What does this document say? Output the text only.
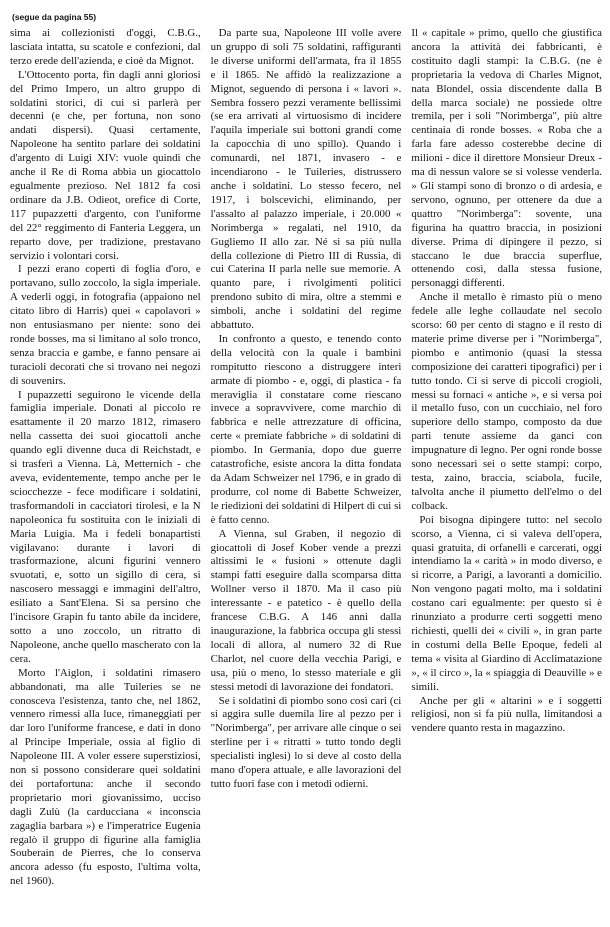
(segue da pagina 55)

sima ai collezionisti d'oggi, C.B.G., lasciata intatta, su scatole e confezioni, dal terzo erede dell'azienda, e cioè da Mignot.

L'Ottocento porta, fin dagli anni gloriosi del Primo Impero, un altro gruppo di soldatini storici, di cui si parlerà per decenni (e che, per fortuna, non sono andati dispersi). Quasi certamente, Napoleone ha sentito parlare dei soldatini d'argento di Luigi XIV: vuole quindi che anche il Re di Roma abbia un giocattolo egualmente prezioso. Nel 1812 fa così ordinare da J.B. Odieot, orefice di Corte, 117 pupazzetti d'argento, con l'uniforme del 22° reggimento di Fanteria Leggera, un reparto dove, per tradizione, prestavano servizio i volontari corsi.

I pezzi erano coperti di foglia d'oro, e portavano, sullo zoccolo, la sigla imperiale. A vederli oggi, in fotografia (appaiono nel citato libro di Harris) quei « capolavori » non entusiasmano per niente: sono dei ronde bosses, ma si limitano al solo tronco, senza braccia e gambe, e fanno pensare ai turacioli decorati che si trovano nei negozi di souvenirs.

I pupazzetti seguirono le vicende della famiglia imperiale. Donati al piccolo re esattamente il 20 marzo 1812, rimasero nella cassetta dei suoi giocattoli anche quando egli divenne duca di Reichstadt, e si trasferì a Vienna. Là, Metternich - che aveva, evidentemente, tempo anche per le sciocchezze - fece modificare i soldatini, trasformandoli in cacciatori tirolesi, e la N napoleonica fu sostituita con le iniziali di Maria Luigia. Ma i fedeli bonapartisti vigilavano: durante i lavori di trasformazione, alcuni figurini vennero svuotati, e, sotto un sigillo di cera, si nascosero messaggi e immagini dell'altro, esiliato a Sant'Elena. Si sa persino che l'incisore Grapin fu tanto abile da incidere, sotto a uno zoccolo, un ritratto di Napoleone, anche quello mascherato con la cera.

Morto l'Aiglon, i soldatini rimasero abbandonati, ma alle Tuileries se ne conosceva l'esistenza, tanto che, nel 1862, vennero rimessi alla luce, rimaneggiati per dar loro l'uniforme francese, e dati in dono al Principe Imperiale, ossia al figlio di Napoleone III. A voler essere superstiziosi, non si possono considerare quei soldatini dei portafortuna: anche il secondo proprietario morì giovanissimo, ucciso dagli Zulù (la carducciana « inconscia zagaglia barbara ») e l'imperatrice Eugenia regalò il gruppo di figurine alla famiglia Souberain de Pierres, che lo conserva ancora adesso (fu esposto, l'ultima volta, nel 1960).

Da parte sua, Napoleone III volle avere un gruppo di soli 75 soldatini, raffiguranti le diverse uniformi dell'armata, fra il 1855 e il 1865. Ne affidò la realizzazione a Mignot, seguendo di persona i « lavori ». Sembra fossero pezzi veramente bellissimi (se era arrivati al virtuosismo di incidere l'aquila imperiale sui bottoni grandi come la capocchia di uno spillo). Quando i comunardi, nel 1871, invasero - e incendiarono - le Tuileries, distrussero anche i soldatini. Lo stesso fecero, nel 1917, i bolscevichi, eliminando, per l'assalto al palazzo imperiale, i 20.000 « Norimberga » regalati, nel 1910, da Gugliemo II allo zar. Né si sa più nulla della collezione di Pietro III di Russia, di cui Caterina II parla nelle sue memorie. A quanto pare, i rivolgimenti politici prendono subito di mira, oltre a stemmi e simboli, anche i soldatini del regime abbattuto.

In confronto a questo, e tenendo conto della velocità con la quale i bambini rompitutto riescono a distruggere interi armate di piombo - e, oggi, di plastica - fa meraviglia il constatare come riescano invece a sopravvivere, come marchio di fabbrica e nelle attrezzature di officina, certe « premiate fabbriche » di soldatini di piombo. In Germania, dopo due guerre catastrofiche, esiste ancora la ditta fondata da Adam Schweizer nel 1796, e in grado di produrre, col nome di Babette Schweizer, le riedizioni dei soldatini di Hilpert di cui si è fatto cenno.

A Vienna, sul Graben, il negozio di giocattoli di Josef Kober vende a prezzi altissimi le « fusioni » ottenute dagli stampi fatti eseguire dalla scomparsa ditta Wollner verso il 1870. Ma il caso più interessante - e patetico - è quello della francese C.B.G. A 146 anni dalla inaugurazione, la fabbrica occupa gli stessi locali di allora, al numero 32 di Rue Charlot, nel cuore della vecchia Parigi, e usa, più o meno, lo stesso materiale e gli stessi metodi di lavorazione dei fondatori.

Se i soldatini di piombo sono così cari (ci si aggira sulle duemila lire al pezzo per i "Norimberga", per arrivare alle cinque o sei sterline per i « ritratti » tutto tondo degli specialisti inglesi) lo si deve al costo della mano d'opera attuale, e alle lavorazioni del tutto fuori fase con i metodi odierni.

Il « capitale » primo, quello che giustifica ancora la attività dei fabbricanti, è costituito dagli stampi: la C.B.G. (ne è proprietaria la vedova di Charles Mignot, nata Blondel, ossia discendente dalla B della marca sociale) ne possiede oltre tremila, per i soli "Norimberga", più altre centinaia di ronde bosses. « Roba che a farla fare adesso costerebbe decine di milioni - dice il direttore Monsieur Dreux - ma di nessun valore se si volesse venderla. » Gli stampi sono di bronzo o di ardesia, e servono, ognuno, per ottenere da due a quattro "Norimberga": sovente, una figurina ha quattro braccia, in posizioni diverse. Prima di dipingere il pezzo, si staccano le due braccia superflue, ottenendo così, dalla stessa fusione, personaggi differenti.

Anche il metallo è rimasto più o meno fedele alle leghe collaudate nel secolo scorso: 60 per cento di stagno e il resto di materie prime diverse per i "Norimberga", piombo e antimonio (quasi la stessa composizione dei caratteri tipografici) per i tutto tondo. Ci si serve di piccoli crogioli, messi su fornaci « antiche », e si versa poi il metallo fuso, con un cucchiaio, nel foro superiore dello stampo, composto da due parti tenute assieme da ganci con impugnature di legno. Per ogni ronde bosse sono necessari sei o sette stampi: corpo, testa, zaino, braccia, sciabola, fucile, talvolta anche il piumetto dell'elmo o del colback.

Poi bisogna dipingere tutto: nel secolo scorso, a Vienna, ci si valeva dell'opera, quasi gratuita, di orfanelli e carcerati, oggi intendiamo la « carità » in modo diverso, e si ricorre, a Parigi, a lavoranti a domicilio. Non vengono pagati molto, ma i soldatini costano cari egualmente: per questo si è rinunziato a produrre certi soggetti meno richiesti, quelli dei « civili », in gran parte in costumi della Belle Epoque, fedeli al tema « visita al Giardino di Acclimatazione », « il circo », la « spiaggia di Deauville » e simili.

Anche per gli « altarini » e i soggetti religiosi, non si fa più nulla, limitandosi a vendere quanto resta in magazzino.
